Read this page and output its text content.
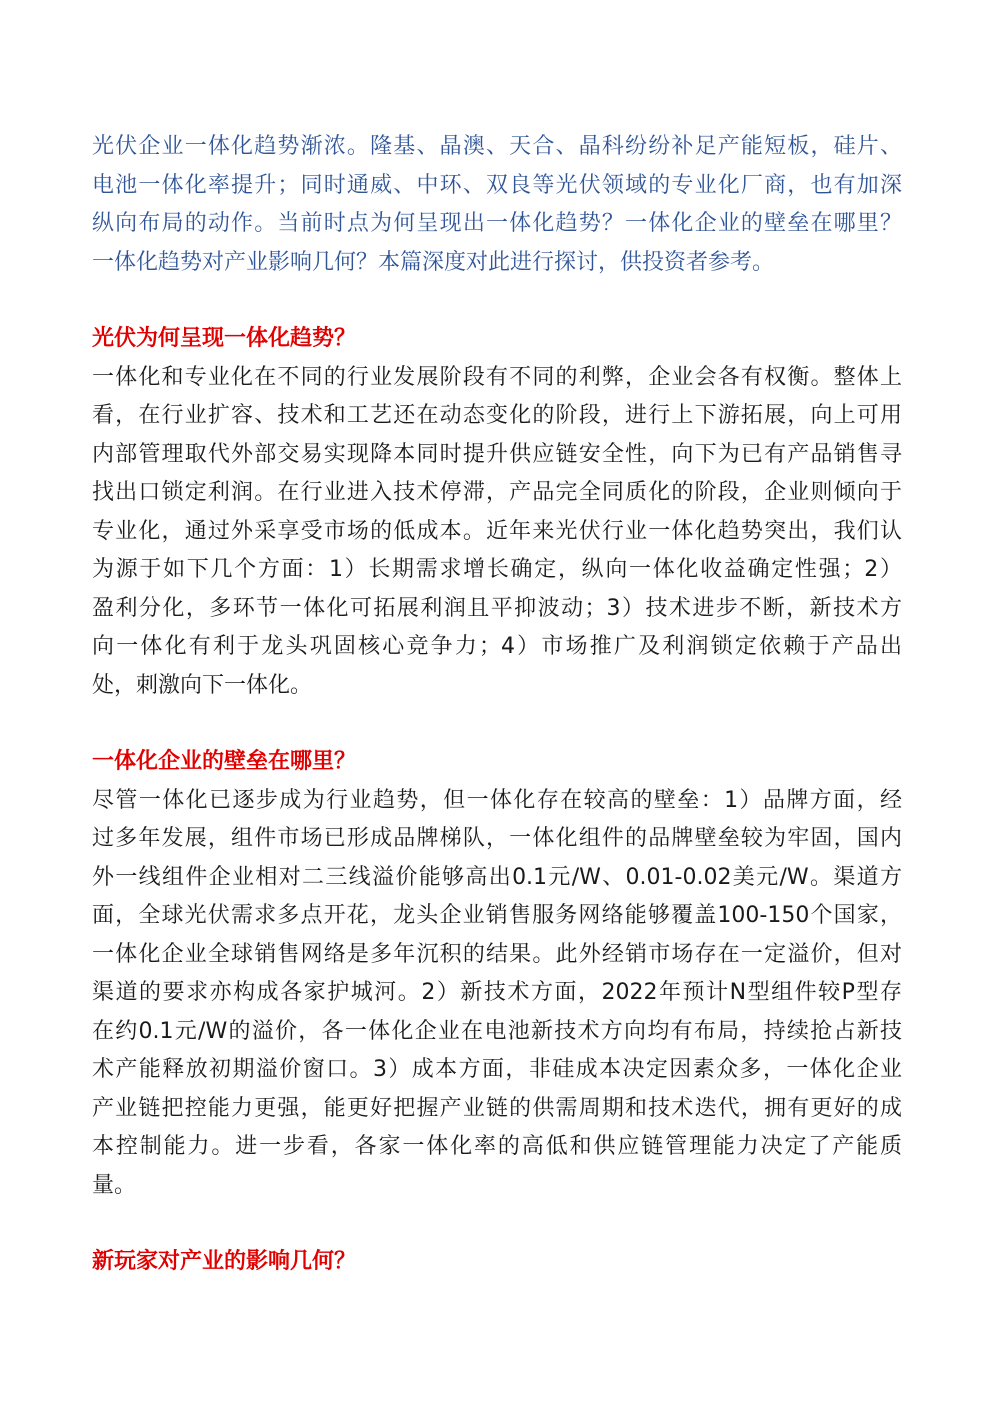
光伏企业一体化趋势渐浓。隆基、晶澳、天合、晶科纷纷补足产能短板，硅片、
电池一体化率提升；同时通威、中环、双良等光伏领域的专业化厂商，也有加深
纵向布局的动作。当前时点为何呈现出一体化趋势？一体化企业的壁垒在哪里？
一体化趋势对产业影响几何？本篇深度对此进行探讨，供投资者参考。
光伏为何呈现一体化趋势？
一体化和专业化在不同的行业发展阶段有不同的利弊，企业会各有权衡。整体上
看，在行业扩容、技术和工艺还在动态变化的阶段，进行上下游拓展，向上可用
内部管理取代外部交易实现降本同时提升供应链安全性，向下为已有产品销售寻
找出口锁定利润。在行业进入技术停滞，产品完全同质化的阶段，企业则倾向于
专业化，通过外采享受市场的低成本。近年来光伏行业一体化趋势突出，我们认
为源于如下几个方面：1）长期需求增长确定，纵向一体化收益确定性强；2）
盈利分化，多环节一体化可拓展利润且平抑波动；3）技术进步不断，新技术方
向一体化有利于龙头巩固核心竞争力；4）市场推广及利润锁定依赖于产品出
处，刺激向下一体化。
一体化企业的壁垒在哪里？
尽管一体化已逐步成为行业趋势，但一体化存在较高的壁垒：1）品牌方面，经
过多年发展，组件市场已形成品牌梯队，一体化组件的品牌壁垒较为牢固，国内
外一线组件企业相对二三线溢价能够高出0.1元/W、0.01-0.02美元/W。渠道方
面，全球光伏需求多点开花，龙头企业销售服务网络能够覆盖100-150个国家，
一体化企业全球销售网络是多年沉积的结果。此外经销市场存在一定溢价，但对
渠道的要求亦构成各家护城河。2）新技术方面，2022年预计N型组件较P型存
在约0.1元/W的溢价，各一体化企业在电池新技术方向均有布局，持续抢占新技
术产能释放初期溢价窗口。3）成本方面，非硅成本决定因素众多，一体化企业
产业链把控能力更强，能更好把握产业链的供需周期和技术迭代，拥有更好的成
本控制能力。进一步看，各家一体化率的高低和供应链管理能力决定了产能质
量。
新玩家对产业的影响几何？
